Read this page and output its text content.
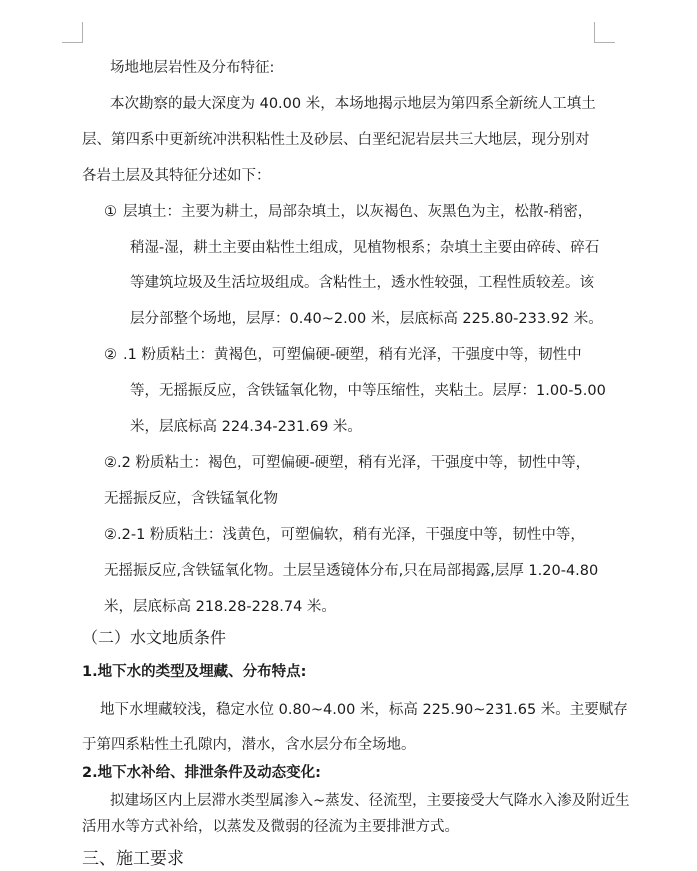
场地地层岩性及分布特征:
本次勘察的最大深度为 40.00 米，本场地揭示地层为第四系全新统人工填土
层、第四系中更新统冲洪积粘性土及砂层、白垩纪泥岩层共三大地层，现分别对
各岩土层及其特征分述如下：
① 层填土：主要为耕土，局部杂填土，以灰褐色、灰黑色为主，松散-稍密，
稍湿-湿，耕土主要由粘性土组成，见植物根系；杂填土主要由碎砖、碎石
等建筑垃圾及生活垃圾组成。含粘性土，透水性较强，工程性质较差。该
层分部整个场地，层厚：0.40~2.00 米，层底标高 225.80-233.92 米。
② .1 粉质粘土：黄褐色，可塑偏硬-硬塑，稍有光泽，干强度中等，韧性中
等，无摇振反应，含铁锰氧化物，中等压缩性，夹粘土。层厚：1.00-5.00
米，层底标高 224.34-231.69 米。
②.2 粉质粘土：褐色，可塑偏硬-硬塑，稍有光泽，干强度中等，韧性中等，
无摇振反应，含铁锰氧化物
②.2-1 粉质粘土：浅黄色，可塑偏软，稍有光泽，干强度中等，韧性中等，
无摇振反应,含铁锰氧化物。土层呈透镜体分布,只在局部揭露,层厚 1.20-4.80
米，层底标高 218.28-228.74 米。
（二）水文地质条件
1.地下水的类型及埋藏、分布特点:
地下水埋藏较浅，稳定水位 0.80~4.00 米，标高 225.90~231.65 米。主要赋存
于第四系粘性土孔隙内，潜水，含水层分布全场地。
2.地下水补给、排泄条件及动态变化:
拟建场区内上层滞水类型属渗入~蒸发、径流型，主要接受大气降水入渗及附近生
活用水等方式补给，以蒸发及微弱的径流为主要排泄方式。
三、施工要求
